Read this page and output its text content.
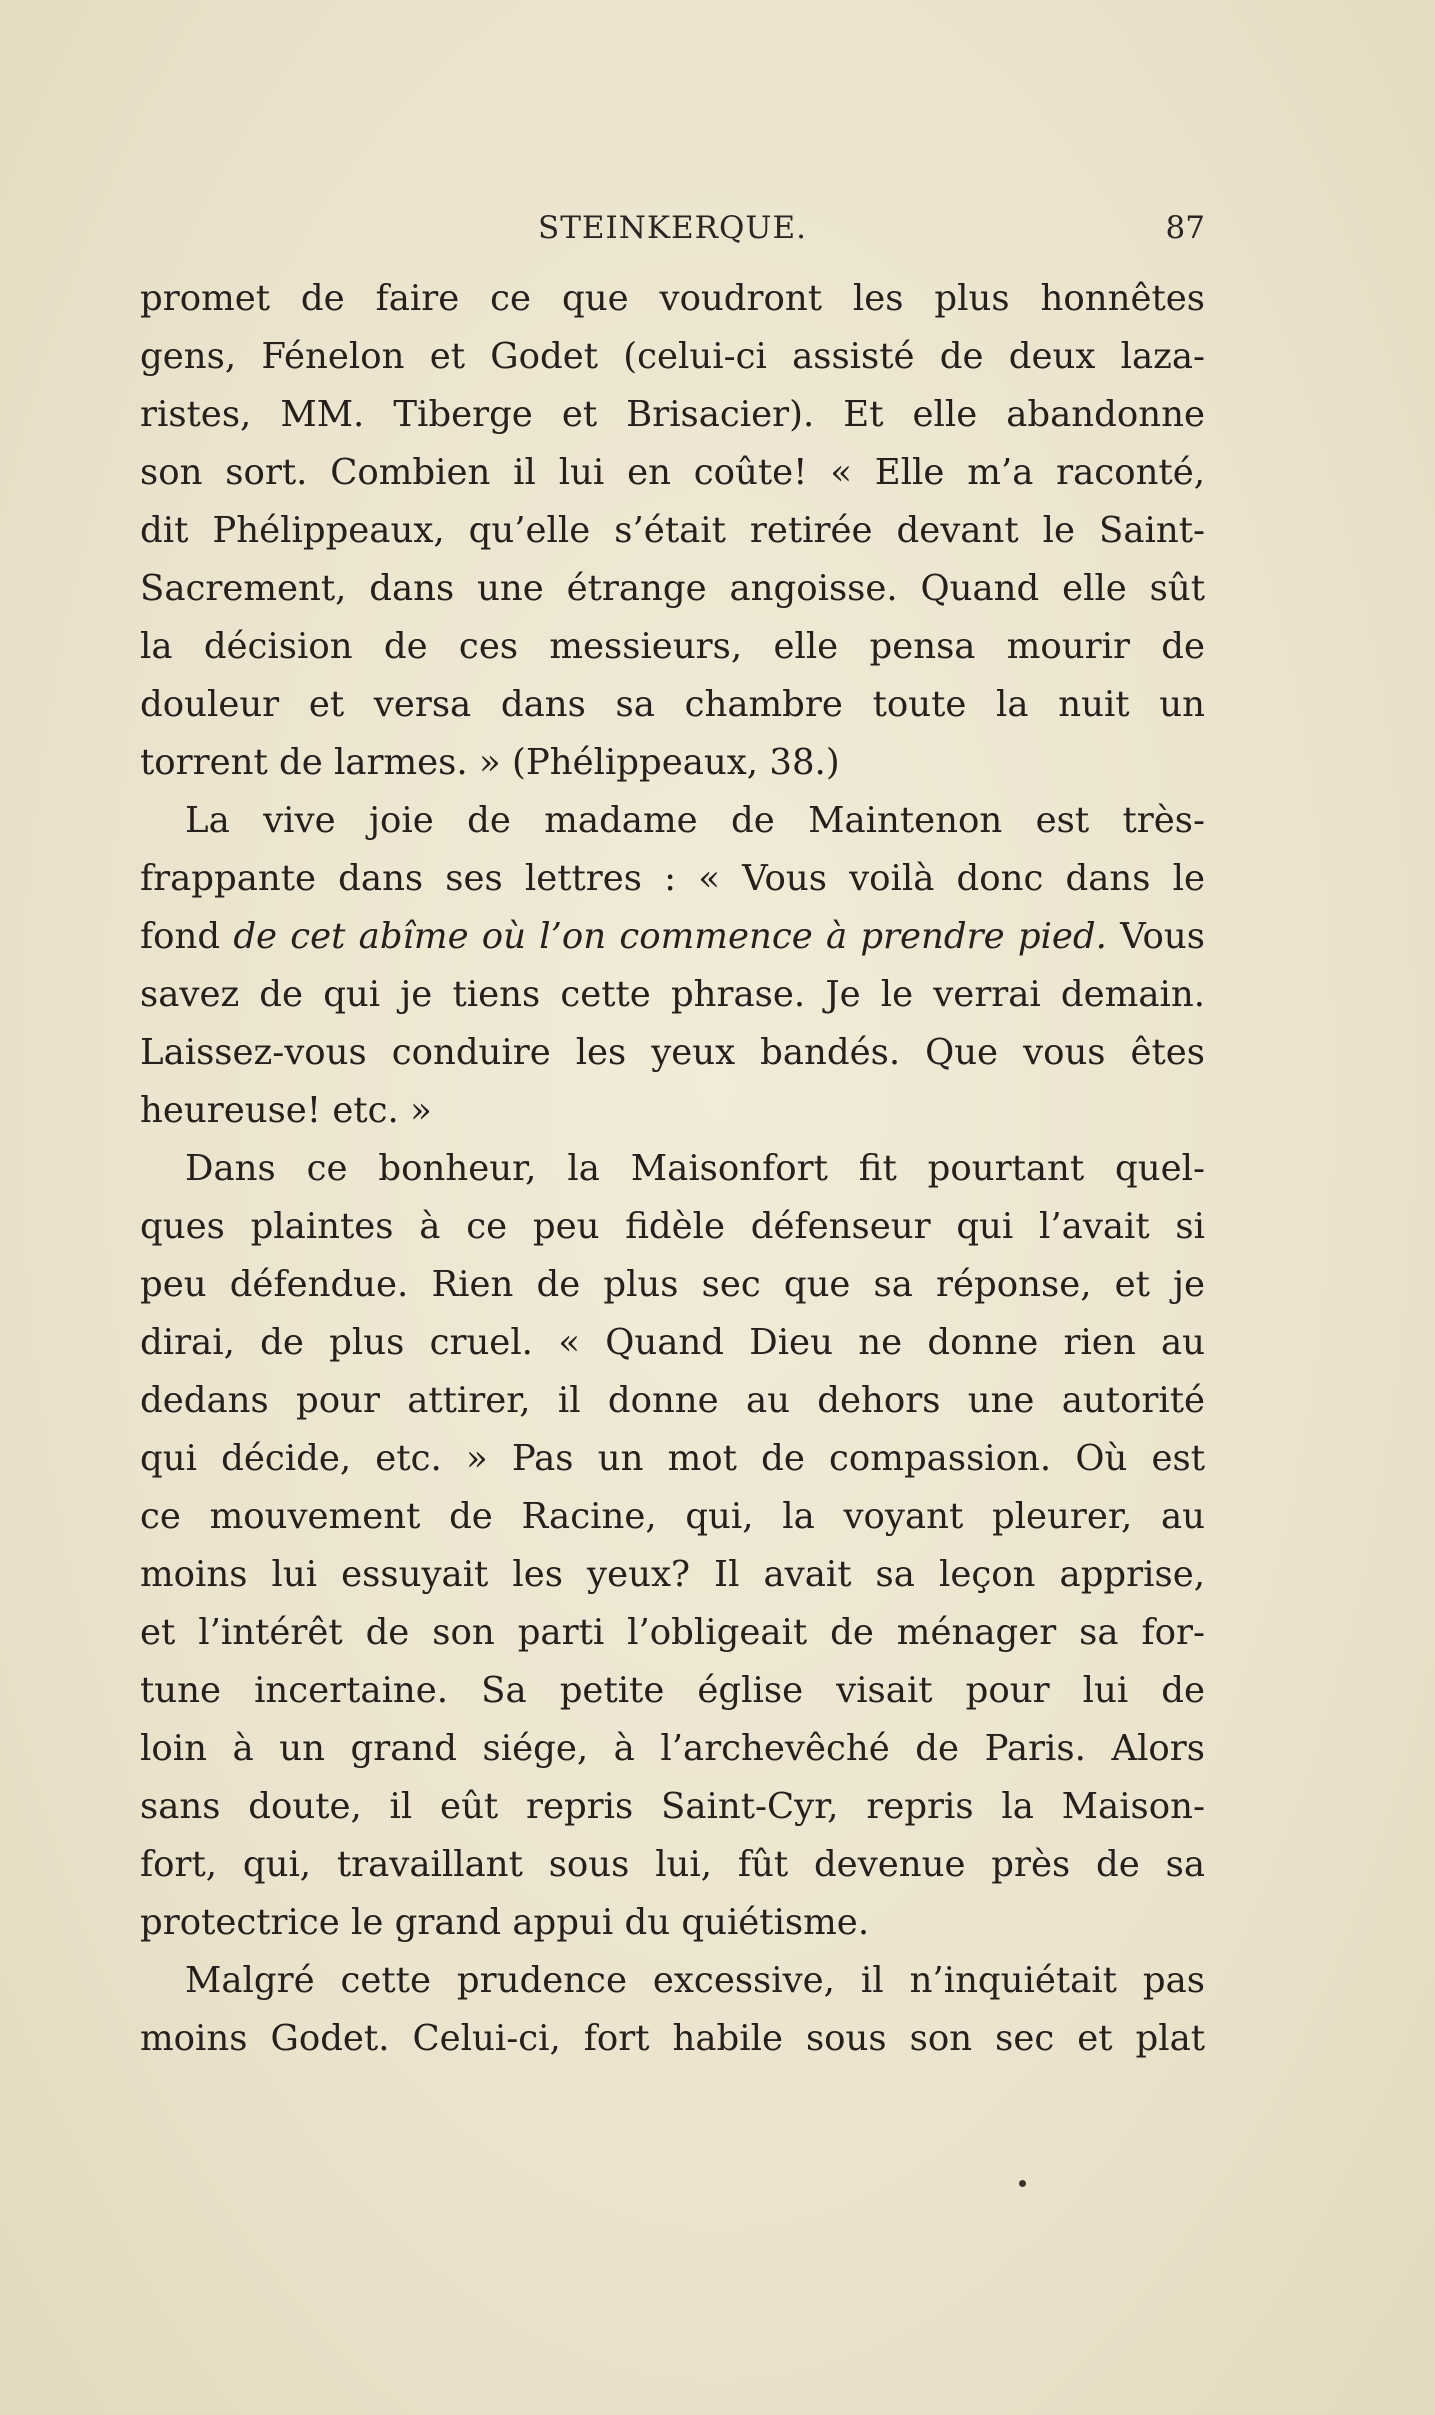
STEINKERQUE.	87
promet de faire ce que voudront les plus honnêtes
gens, Fénelon et Godet (celui-ci assisté de deux laza-
ristes, MM. Tiberge et Brisacier). Et elle abandonne
son sort. Combien il lui en coûte! « Elle m’a raconté,
dit Phélippeaux, qu’elle s’était retirée devant le Saint-
Sacrement, dans une étrange angoisse. Quand elle sût
la décision de ces messieurs, elle pensa mourir de
douleur et versa dans sa chambre toute la nuit un
torrent de larmes. » (Phélippeaux, 38.)
La vive joie de madame de Maintenon est très-
frappante dans ses lettres : « Vous voilà donc dans le
fond de cet abîme où l’on commence à prendre pied. Vous
savez de qui je tiens cette phrase. Je le verrai demain.
Laissez-vous conduire les yeux bandés. Que vous êtes
heureuse! etc. »
Dans ce bonheur, la Maisonfort fit pourtant quel-
ques plaintes à ce peu fidèle défenseur qui l’avait si
peu défendue. Rien de plus sec que sa réponse, et je
dirai, de plus cruel. « Quand Dieu ne donne rien au
dedans pour attirer, il donne au dehors une autorité
qui décide, etc. » Pas un mot de compassion. Où est
ce mouvement de Racine, qui, la voyant pleurer, au
moins lui essuyait les yeux? Il avait sa leçon apprise,
et l’intérêt de son parti l’obligeait de ménager sa for-
tune incertaine. Sa petite église visait pour lui de
loin à un grand siége, à l’archevêché de Paris. Alors
sans doute, il eût repris Saint-Cyr, repris la Maison-
fort, qui, travaillant sous lui, fût devenue près de sa
protectrice le grand appui du quiétisme.
Malgré cette prudence excessive, il n’inquiétait pas
moins Godet. Celui-ci, fort habile sous son sec et plat
